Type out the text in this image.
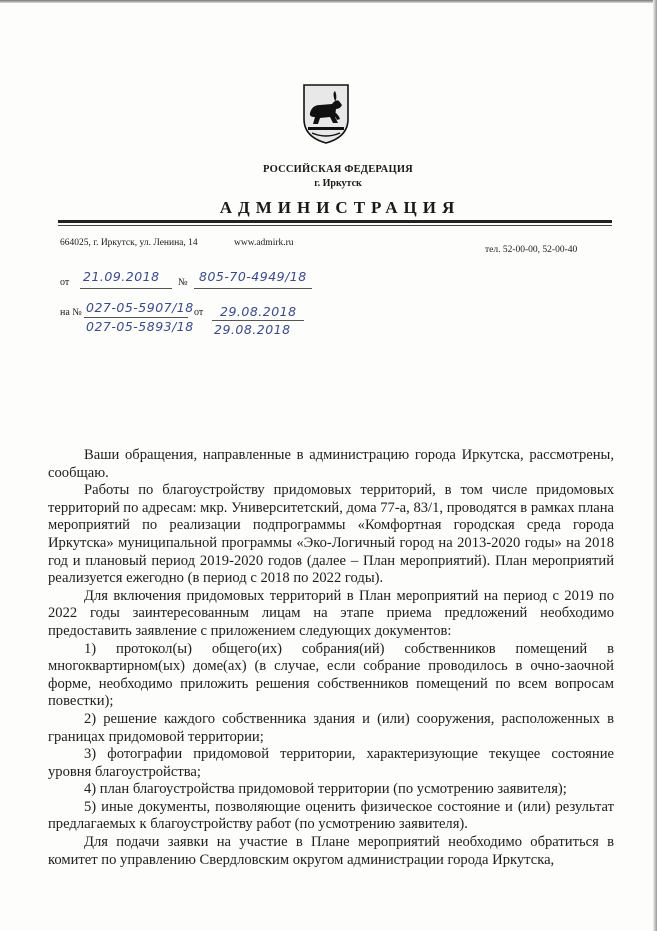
РОССИЙСКАЯ ФЕДЕРАЦИЯ
г. Иркутск
АДМИНИСТРАЦИЯ
664025, г. Иркутск, ул. Ленина, 14	www.admirk.ru
тел. 52-00-00, 52-00-40
от 21.09.2018 № 805-70-4949/18
на № 027-05-5907/18
027-05-5893/18
от 29.08.2018
29.08.2018

Ваши обращения, направленные в администрацию города Иркутска, рассмотрены, сообщаю.

Работы по благоустройству придомовых территорий, в том числе придомовых территорий по адресам: мкр. Университетский, дома 77-а, 83/1, проводятся в рамках плана мероприятий по реализации подпрограммы «Комфортная городская среда города Иркутска» муниципальной программы «Эко-Логичный город на 2013-2020 годы» на 2018 год и плановый период 2019-2020 годов (далее – План мероприятий). План мероприятий реализуется ежегодно (в период с 2018 по 2022 годы).

Для включения придомовых территорий в План мероприятий на период с 2019 по 2022 годы заинтересованным лицам на этапе приема предложений необходимо предоставить заявление с приложением следующих документов:

1) протокол(ы) общего(их) собрания(ий) собственников помещений в многоквартирном(ых) доме(ах) (в случае, если собрание проводилось в очно-заочной форме, необходимо приложить решения собственников помещений по всем вопросам повестки);

2) решение каждого собственника здания и (или) сооружения, расположенных в границах придомовой территории;

3) фотографии придомовой территории, характеризующие текущее состояние уровня благоустройства;

4) план благоустройства придомовой территории (по усмотрению заявителя);

5) иные документы, позволяющие оценить физическое состояние и (или) результат предлагаемых к благоустройству работ (по усмотрению заявителя).

Для подачи заявки на участие в Плане мероприятий необходимо обратиться в комитет по управлению Свердловским округом администрации города Иркутска,
